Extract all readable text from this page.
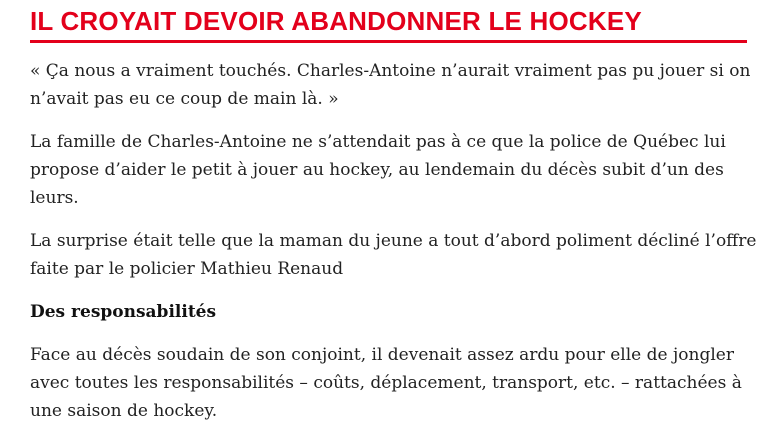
IL CROYAIT DEVOIR ABANDONNER LE HOCKEY

« Ça nous a vraiment touchés. Charles-Antoine n’aurait vraiment pas pu jouer si on n’avait pas eu ce coup de main là. »

La famille de Charles-Antoine ne s’attendait pas à ce que la police de Québec lui propose d’aider le petit à jouer au hockey, au lendemain du décès subit d’un des leurs.

La surprise était telle que la maman du jeune a tout d’abord poliment décliné l’offre faite par le policier Mathieu Renaud

Des responsabilités

Face au décès soudain de son conjoint, il devenait assez ardu pour elle de jongler avec toutes les responsabilités – coûts, déplacement, transport, etc. – rattachées à une saison de hockey.
